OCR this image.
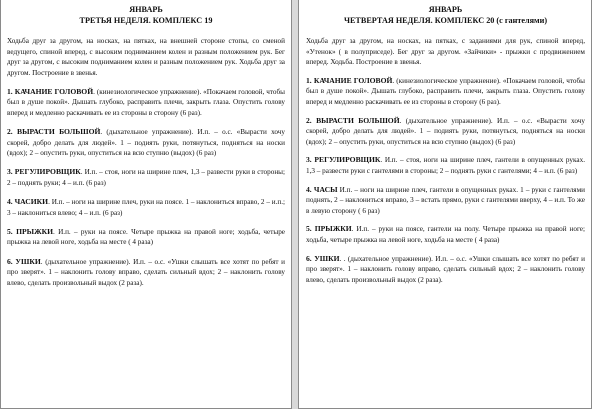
ЯНВАРЬ
ТРЕТЬЯ НЕДЕЛЯ. КОМПЛЕКС 19

Ходьба друг за другом, на носках, на пятках, на внешней стороне стопы, со сменой ведущего, спиной вперед, с высоким подниманием колен и разным положением рук. Бег друг за другом, с высоким подниманием колен и разным положением рук. Ходьба друг за другом. Построение в звенья.

1. КАЧАНИЕ ГОЛОВОЙ. (кинезиологическое упражнение). «Покачаем головой, чтобы был в душе покой». Дышать глубоко, расправить плечи, закрыть глаза. Опустить голову вперед и медленно раскачивать ее из стороны в сторону (6 раз).

2. ВЫРАСТИ БОЛЬШОЙ. (дыхательное упражнение). И.п. – о.с. «Вырасти хочу скорей, добро делать для людей». 1 – подиять руки, потянуться, подняться на носки (вдох); 2 – опустить руки, опуститься на всю ступню (выдох) (6 раз)

3. РЕГУЛИРОВЩИК. И.п. – стоя, ноги на ширине плеч, 1,3 – развести руки в стороны; 2 – поднять руки; 4 – и.п. (6 раз)

4. ЧАСИКИ. И.п. – ноги на ширине плеч, руки на поясе. 1 – наклониться вправо, 2 – и.п.; 3 – наклониться влево; 4 – и.п. (6 раз)

5. ПРЫЖКИ. И.п. – руки на поясе. Четыре прыжка на правой ноге; ходьба, четыре прыжка на левой ноге, ходьба на месте ( 4 раза)

6. УШКИ. (дыхательное упражнение). И.п. – о.с. «Ушки слышать все хотят по ребят и про зверят». 1 – наклонить голову вправо, сделать сильный вдох; 2 – наклонить голову влево, сделать произвольный выдох (2 раза).

ЯНВАРЬ
ЧЕТВЕРТАЯ НЕДЕЛЯ. КОМПЛЕКС 20 (с гантелями)

Ходьба друг за другом, на носках, на пятках, с заданиями для рук, спиной вперед, «Утенок» ( в полуприседе). Бег друг за другом. «Зайчики» - прыжки с продвижением вперед. Ходьба. Построение в звенья.

1. КАЧАНИЕ ГОЛОВОЙ. (кинезиологическое упражнение). «Покачаем головой, чтобы был в душе покой». Дышать глубоко, расправить плечи, закрыть глаза. Опустить голову вперед и медленно раскачивать ее из стороны в сторону (6 раз).

2. ВЫРАСТИ БОЛЬШОЙ. (дыхательное упражнение). И.п. – о.с. «Вырасти хочу скорей, добро делать для людей». 1 – подиять руки, потянуться, подняться на носки (вдох); 2 – опустить руки, опуститься на всю ступню (выдох) (6 раз)

3. РЕГУЛИРОВЩИК. И.п. – стоя, ноги на ширине плеч, гантели в опущенных руках. 1,3 – развести руки с гантелями в стороны; 2 – поднять руки с гантелями; 4 – и.п. (6 раз)

4. ЧАСЫ И.п. – ноги на ширине плеч, гантели в опущенных руках. 1 – руки с гантелями поднять, 2 – наклониться вправо, 3 – встать прямо, руки с гантелями вверху, 4 – и.п. То же в левую сторону ( 6 раз)

5. ПРЫЖКИ. И.п. – руки на поясе, гантели на полу. Четыре прыжка на правой ноге; ходьба, четыре прыжка на левой ноге, ходьба на месте ( 4 раза)

6. УШКИ. . (дыхательное упражнение). И.п. – о.с. «Ушки слышать все хотят по ребят и про зверят». 1 – наклонить голову вправо, сделать сильный вдох; 2 – наклонить голову влево, сделать произвольный выдох (2 раза).
